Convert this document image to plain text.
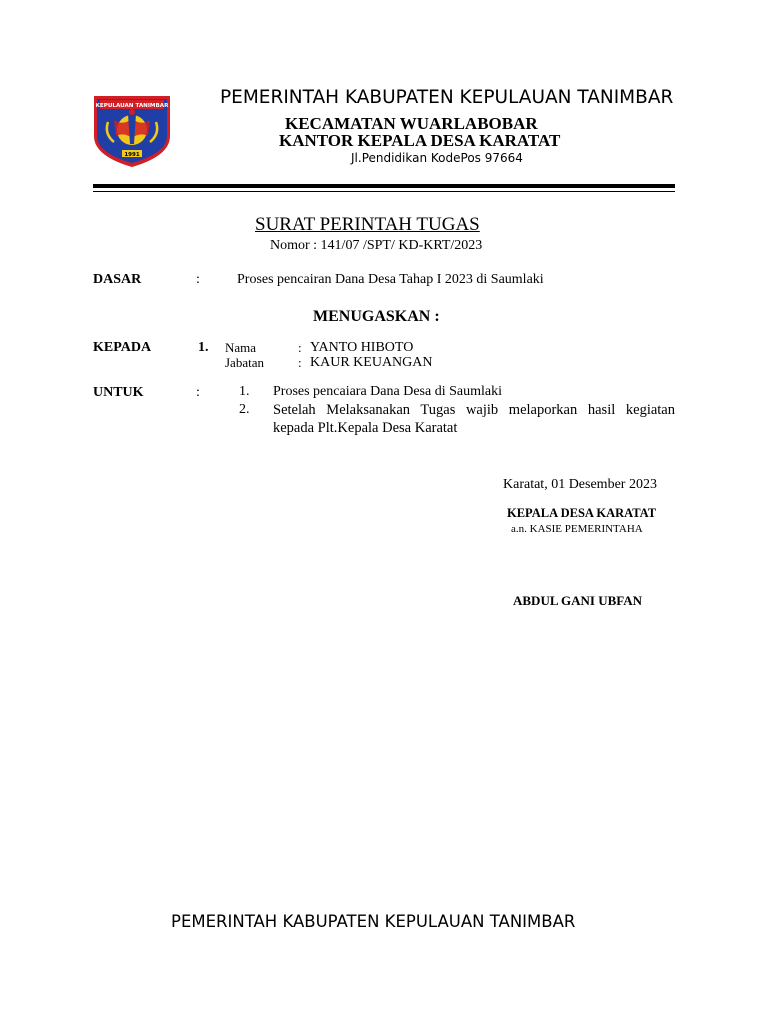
KEPULAUAN TANIMBAR
1991
PEMERINTAH KABUPATEN KEPULAUAN TANIMBAR
KECAMATAN WUARLABOBAR
KANTOR KEPALA DESA KARATAT
Jl.Pendidikan KodePos 97664
SURAT PERINTAH TUGAS
Nomor : 141/07 /SPT/ KD-KRT/2023
DASAR	:	Proses pencairan Dana Desa Tahap I 2023 di Saumlaki
MENUGASKAN :
KEPADA	1. Nama	: YANTO HIBOTO
Jabatan	: KAUR KEUANGAN
UNTUK	:	1. Proses pencaiara Dana Desa di Saumlaki
2. Setelah Melaksanakan Tugas wajib melaporkan hasil kegiatan kepada Plt.Kepala Desa Karatat
Karatat, 01 Desember 2023
KEPALA DESA KARATAT
a.n. KASIE PEMERINTAHA
ABDUL GANI UBFAN
PEMERINTAH KABUPATEN KEPULAUAN TANIMBAR
